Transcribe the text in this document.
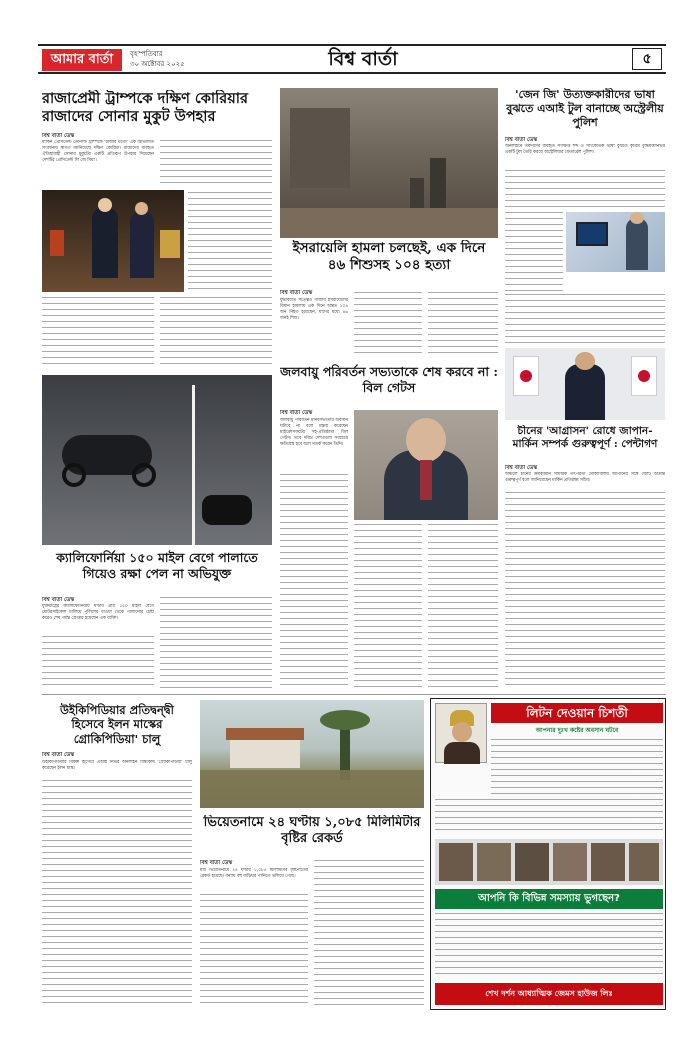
আমার বার্তা	বৃহস্পতিবার
৩০ অক্টোবর ২০২৫	বিশ্ব বার্তা	৫
রাজাপ্রেমী ট্রাম্পকে দক্ষিণ কোরিয়ার রাজাদের সোনার মুকুট উপহার
বিশ্ব বার্তা ডেস্ক
মার্কিন প্রেসিডেন্ট ডোনাল্ড ট্রাম্পকে 'রাজার মতো' এক অভিজাত সংবর্ধনায় স্বাগত জানিয়েছে দক্ষিণ কোরিয়া। রাজাদের ব্যবহৃত ঐতিহ্যবাহী সোনার মুকুটের একটি প্রতিরূপ উপহার দিয়েছেন দেশটির প্রেসিডেন্ট লি জে মিয়ং।
ইসরায়েলি হামলা চলছেই, এক দিনে ৪৬ শিশুসহ ১০৪ হত্যা
বিশ্ব বার্তা ডেস্ক
যুদ্ধবিরতি সত্ত্বেও গাজায় ইসরায়েলের বিমান হামলায় এক দিনে অন্তত ১০৪ জন নিহত হয়েছেন, যাদের মধ্যে ৪৬ জনই শিশু।
'জেন জি' উত্যক্তকারীদের ভাষা বুঝতে এআই টুল বানাচ্ছে অস্ট্রেলীয় পুলিশ
বিশ্ব বার্তা ডেস্ক
অনলাইনে তরুণদের ব্যবহৃত সংক্ষিপ্ত শব্দ ও সাংকেতিক ভাষা বুঝতে কৃত্রিম বুদ্ধিমত্তানির্ভর একটি টুল তৈরি করছে অস্ট্রেলিয়ার ফেডারেল পুলিশ।
চীনের 'আগ্রাসন' রোধে জাপান-মার্কিন সম্পর্ক গুরুত্বপূর্ণ : পেন্টাগণ
বিশ্ব বার্তা ডেস্ক
অঞ্চলে চীনের ক্রমবর্ধমান সামরিক তৎপরতা মোকাবিলায় জাপানের সঙ্গে জোট অত্যন্ত গুরুত্বপূর্ণ বলে জানিয়েছেন মার্কিন প্রতিরক্ষা সচিব।
ক্যালিফোর্নিয়া ১৫০ মাইল বেগে পালাতে গিয়েও রক্ষা পেল না অভিযুক্ত
বিশ্ব বার্তা ডেস্ক
যুক্তরাষ্ট্রের ক্যালিফোর্নিয়ায় ঘণ্টায় প্রায় ১৫০ মাইল বেগে মোটরসাইকেল চালিয়ে পুলিশের ধাওয়া থেকে পালানোর চেষ্টা করেও শেষ পর্যন্ত গ্রেপ্তার হয়েছেন এক ব্যক্তি।
জলবায়ু পরিবর্তন সভ্যতাকে শেষ করবে না : বিল গেটস
বিশ্ব বার্তা ডেস্ক
জলবায়ু পরিবর্তন মানবসভ্যতার অবসান ঘটাবে না বলে মন্তব্য করেছেন মাইক্রোসফটের সহ-প্রতিষ্ঠাতা বিল গেটস। তবে দরিদ্র দেশগুলো সবচেয়ে ক্ষতিগ্রস্ত হবে বলে সতর্ক করেন তিনি।
উইকিপিডিয়ার প্রতিদ্বন্দ্বী হিসেবে ইলন মাস্কের গ্রোকিপিডিয়া' চালু
বিশ্ব বার্তা ডেস্ক
উইকিপিডিয়ার বিকল্প হিসেবে এআই নির্ভর অনলাইন বিশ্বকোষ 'গ্রোকিপিডিয়া' চালু করেছেন ইলন মাস্ক।
ভিয়েতনামে ২৪ ঘণ্টায় ১,০৮৫ মিলিমিটার বৃষ্টির রেকর্ড
বিশ্ব বার্তা ডেস্ক
মধ্য ভিয়েতনামে ২৪ ঘণ্টায় ১,০৮৫ মিলিমিটার বৃষ্টিপাতের রেকর্ড হয়েছে। বন্যায় বহু বাড়িঘর পানিতে তলিয়ে গেছে।
লিটন দেওয়ান চিশতী
আপনার দুঃখ কষ্টের অবসান ঘটবে
আপনি কি বিভিন্ন সমস্যায় ভুগছেন?
শেখ দর্শন আধ্যাত্মিক জেমস হাউজ লিঃ
